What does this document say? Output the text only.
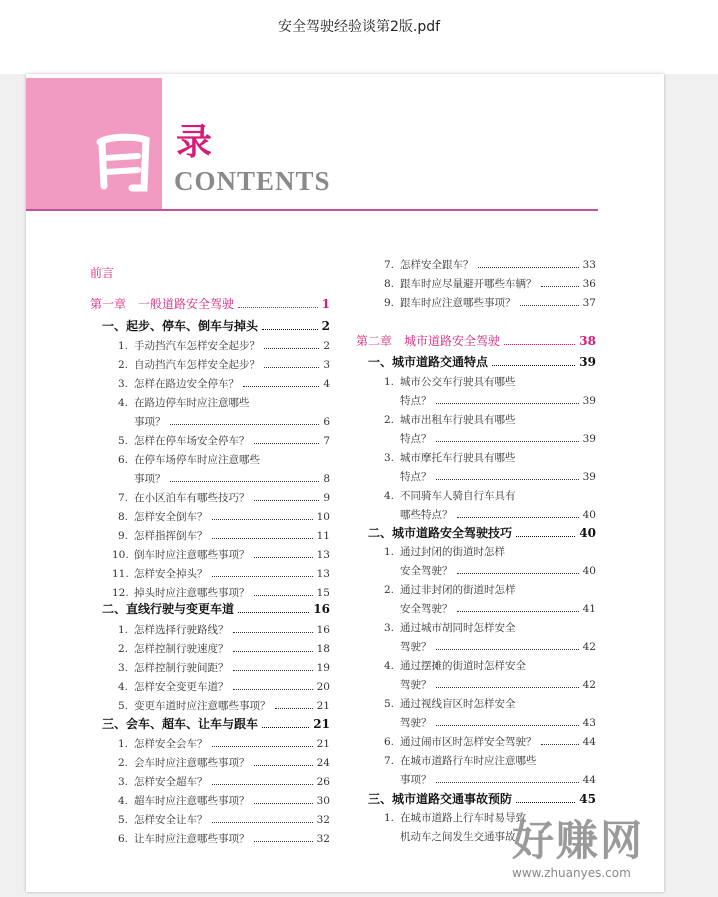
安全驾驶经验谈第2版.pdf
录
CONTENTS
前言
第一章　一般道路安全驾驶	1
一、起步、停车、倒车与掉头	2
1. 手动挡汽车怎样安全起步？	2
2. 自动挡汽车怎样安全起步？	3
3. 怎样在路边安全停车？	4
4. 在路边停车时应注意哪些
事项？	6
5. 怎样在停车场安全停车？	7
6. 在停车场停车时应注意哪些
事项？	8
7. 在小区泊车有哪些技巧？	9
8. 怎样安全倒车？	10
9. 怎样指挥倒车？	11
10. 倒车时应注意哪些事项？	13
11. 怎样安全掉头？	13
12. 掉头时应注意哪些事项？	15
二、直线行驶与变更车道	16
1. 怎样选择行驶路线？	16
2. 怎样控制行驶速度？	18
3. 怎样控制行驶间距？	19
4. 怎样安全变更车道？	20
5. 变更车道时应注意哪些事项？	21
三、会车、超车、让车与跟车	21
1. 怎样安全会车？	21
2. 会车时应注意哪些事项？	24
3. 怎样安全超车？	26
4. 超车时应注意哪些事项？	30
5. 怎样安全让车？	32
6. 让车时应注意哪些事项？	32
7. 怎样安全跟车？	33
8. 跟车时应尽量避开哪些车辆？	36
9. 跟车时应注意哪些事项？	37
第二章　城市道路安全驾驶	38
一、城市道路交通特点	39
1. 城市公交车行驶具有哪些
特点？	39
2. 城市出租车行驶具有哪些
特点？	39
3. 城市摩托车行驶具有哪些
特点？	39
4. 不同骑车人骑自行车具有
哪些特点？	40
二、城市道路安全驾驶技巧	40
1. 通过封闭的街道时怎样
安全驾驶？	40
2. 通过非封闭的街道时怎样
安全驾驶？	41
3. 通过城市胡同时怎样安全
驾驶？	42
4. 通过摆摊的街道时怎样安全
驾驶？	42
5. 通过视线盲区时怎样安全
驾驶？	43
6. 通过闹市区时怎样安全驾驶？	44
7. 在城市道路行车时应注意哪些
事项？	44
三、城市道路交通事故预防	45
1. 在城市道路上行车时易导致
机动车之间发生交通事故
好赚网
www.zhuanyes.com
